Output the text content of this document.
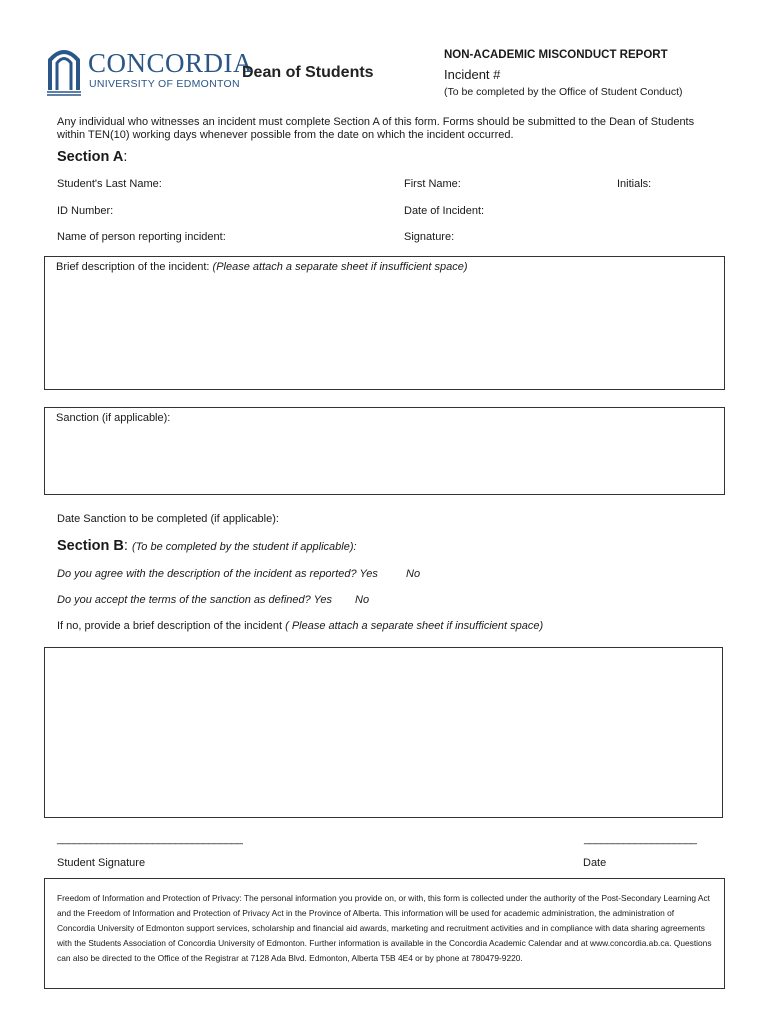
CONCORDIA
UNIVERSITY OF EDMONTON
Dean of Students
NON-ACADEMIC MISCONDUCT REPORT
Incident #
(To be completed by the Office of Student Conduct)
Any individual who witnesses an incident must complete Section A of this form. Forms should be submitted to the Dean of Students within TEN(10) working days whenever possible from the date on which the incident occurred.
Section A:
Student's Last Name:	First Name:	Initials:
ID Number:	Date of Incident:
Name of person reporting incident:	Signature:
Brief description of the incident: (Please attach a separate sheet if insufficient space)
Sanction (if applicable):
Date Sanction to be completed (if applicable):
Section B: (To be completed by the student if applicable):
Do you agree with the description of the incident as reported? Yes	No
Do you accept the terms of the sanction as defined? Yes No
If no, provide a brief description of the incident ( Please attach a separate sheet if insufficient space)
_________________________________	____________________
Student Signature	Date
Freedom of Information and Protection of Privacy: The personal information you provide on, or with, this form is collected under the authority of the Post-Secondary Learning Act and the Freedom of Information and Protection of Privacy Act in the Province of Alberta. This information will be used for academic administration, the administration of Concordia University of Edmonton support services, scholarship and financial aid awards, marketing and recruitment activities and in compliance with data sharing agreements with the Students Association of Concordia University of Edmonton. Further information is available in the Concordia Academic Calendar and at www.concordia.ab.ca. Questions can also be directed to the Office of the Registrar at 7128 Ada Blvd. Edmonton, Alberta T5B 4E4 or by phone at 780479-9220.
